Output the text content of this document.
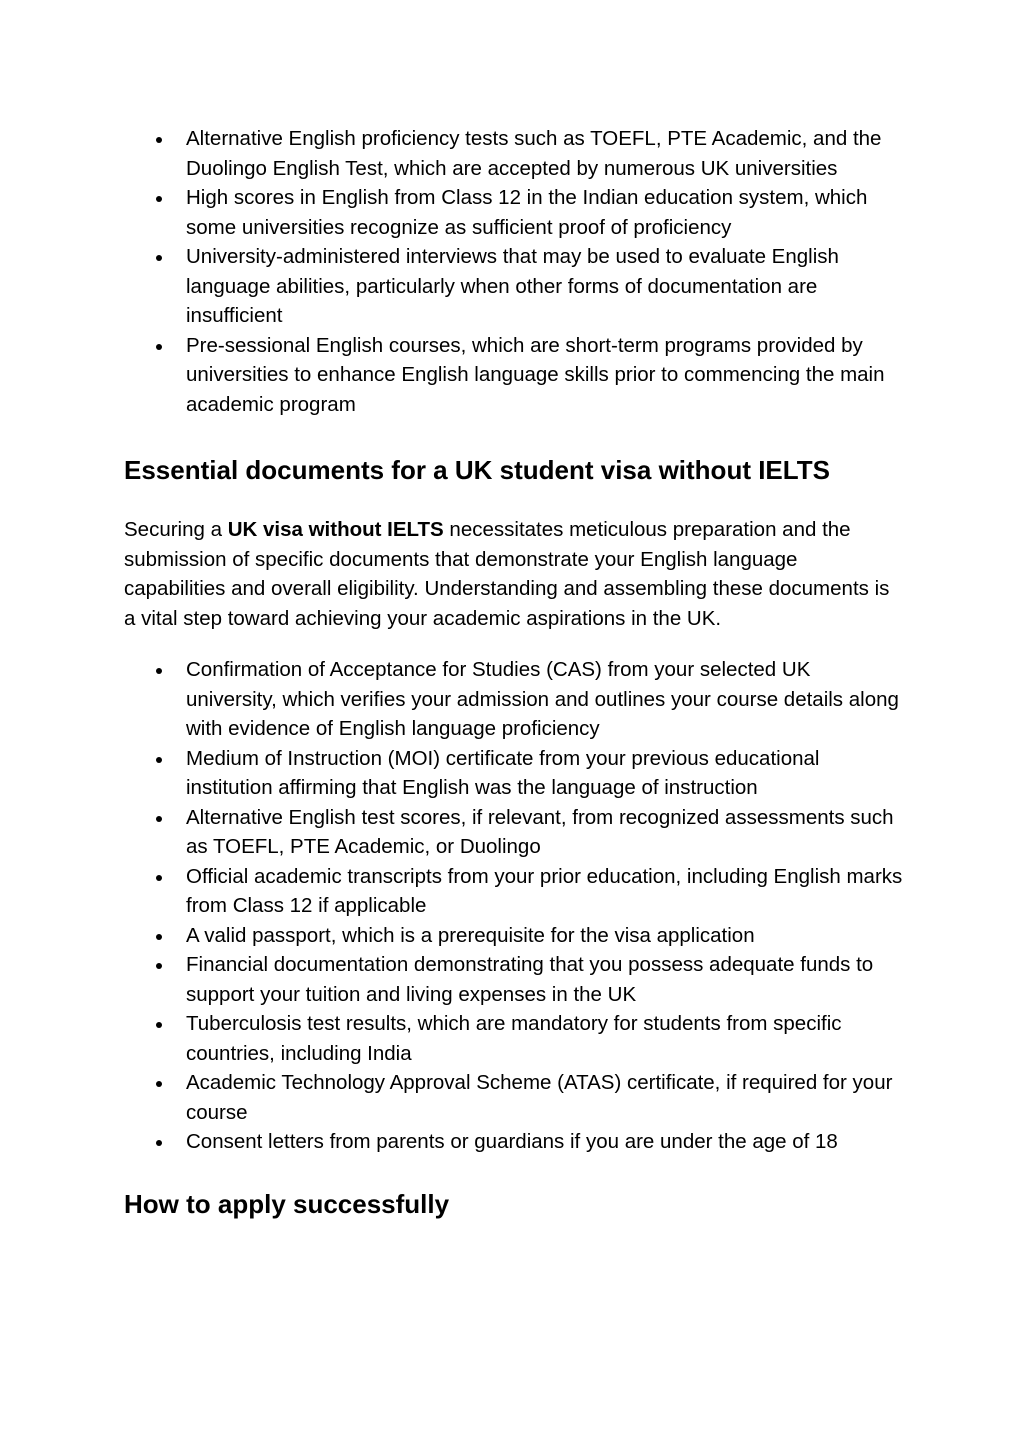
Alternative English proficiency tests such as TOEFL, PTE Academic, and the Duolingo English Test, which are accepted by numerous UK universities
High scores in English from Class 12 in the Indian education system, which some universities recognize as sufficient proof of proficiency
University-administered interviews that may be used to evaluate English language abilities, particularly when other forms of documentation are insufficient
Pre-sessional English courses, which are short-term programs provided by universities to enhance English language skills prior to commencing the main academic program
Essential documents for a UK student visa without IELTS

Securing a UK visa without IELTS necessitates meticulous preparation and the submission of specific documents that demonstrate your English language capabilities and overall eligibility. Understanding and assembling these documents is a vital step toward achieving your academic aspirations in the UK.

Confirmation of Acceptance for Studies (CAS) from your selected UK university, which verifies your admission and outlines your course details along with evidence of English language proficiency
Medium of Instruction (MOI) certificate from your previous educational institution affirming that English was the language of instruction
Alternative English test scores, if relevant, from recognized assessments such as TOEFL, PTE Academic, or Duolingo
Official academic transcripts from your prior education, including English marks from Class 12 if applicable
A valid passport, which is a prerequisite for the visa application
Financial documentation demonstrating that you possess adequate funds to support your tuition and living expenses in the UK
Tuberculosis test results, which are mandatory for students from specific countries, including India
Academic Technology Approval Scheme (ATAS) certificate, if required for your course
Consent letters from parents or guardians if you are under the age of 18
How to apply successfully
